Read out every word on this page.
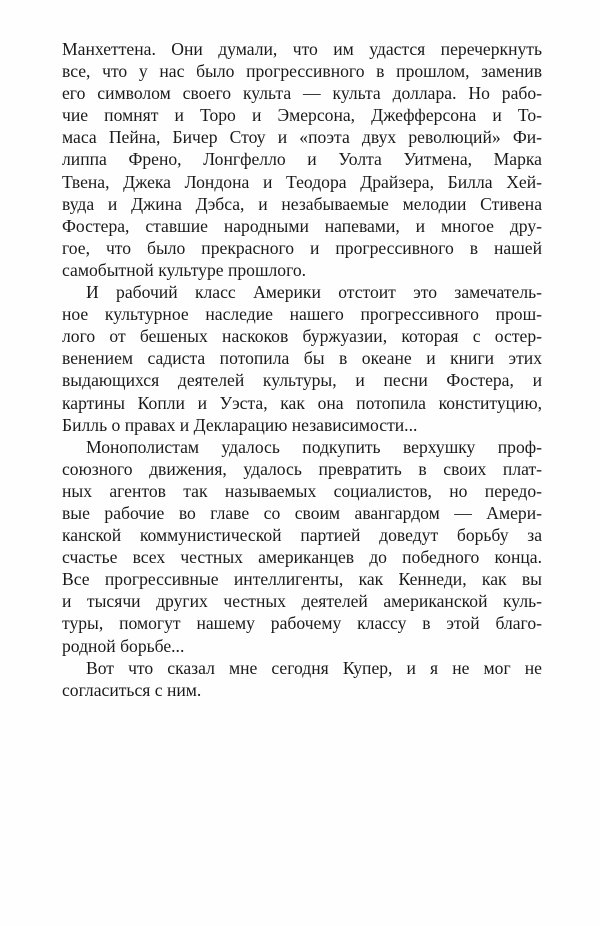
Манхеттена. Они думали, что им удастся перечеркнуть
все, что у нас было прогрессивного в прошлом, заменив
его символом своего культа — культа доллара. Но рабо-
чие помнят и Торо и Эмерсона, Джефферсона и То-
маса Пейна, Бичер Стоу и «поэта двух революций» Фи-
липпа Френо, Лонгфелло и Уолта Уитмена, Марка
Твена, Джека Лондона и Теодора Драйзера, Билла Хей-
вуда и Джина Дэбса, и незабываемые мелодии Стивена
Фостера, ставшие народными напевами, и многое дру-
гое, что было прекрасного и прогрессивного в нашей
самобытной культуре прошлого.

И рабочий класс Америки отстоит это замечатель-
ное культурное наследие нашего прогрессивного прош-
лого от бешеных наскоков буржуазии, которая с остер-
венением садиста потопила бы в океане и книги этих
выдающихся деятелей культуры, и песни Фостера, и
картины Копли и Уэста, как она потопила конституцию,
Билль о правах и Декларацию независимости...

Монополистам удалось подкупить верхушку проф-
союзного движения, удалось превратить в своих плат-
ных агентов так называемых социалистов, но передо-
вые рабочие во главе со своим авангардом — Амери-
канской коммунистической партией доведут борьбу за
счастье всех честных американцев до победного конца.
Все прогрессивные интеллигенты, как Кеннеди, как вы
и тысячи других честных деятелей американской куль-
туры, помогут нашему рабочему классу в этой благо-
родной борьбе...

Вот что сказал мне сегодня Купер, и я не мог не
согласиться с ним.
